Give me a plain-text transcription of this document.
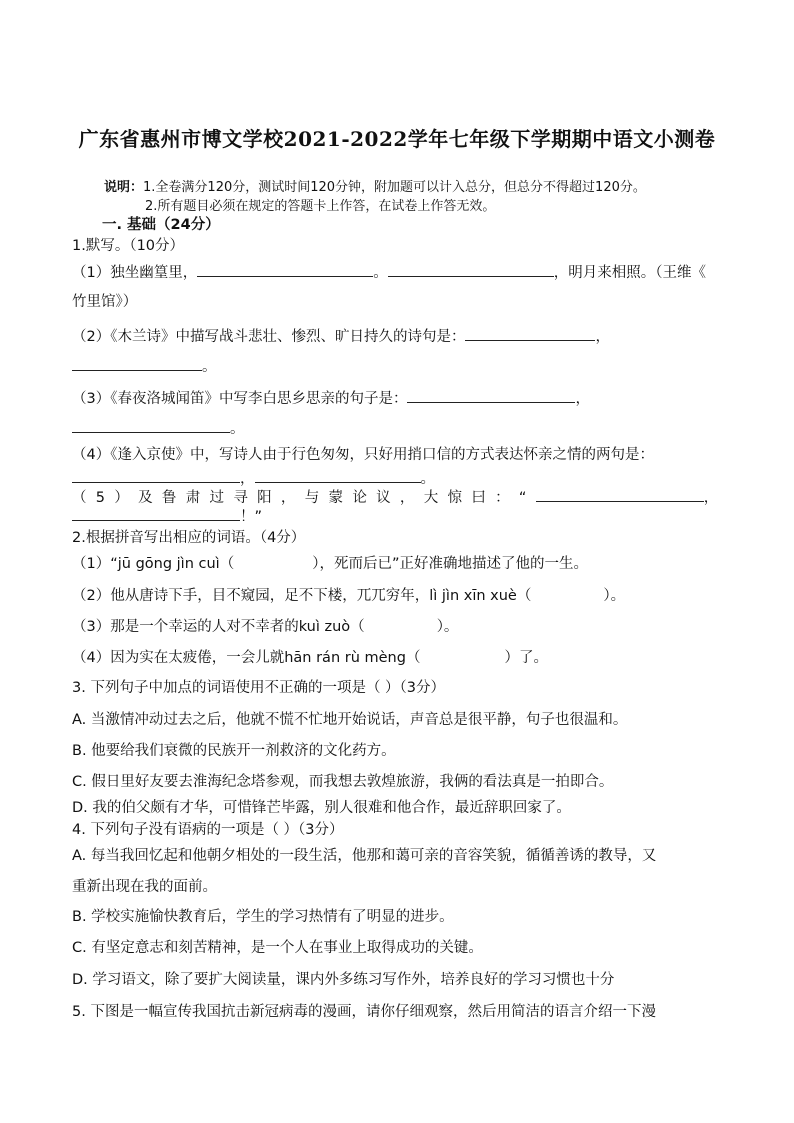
广东省惠州市博文学校2021-2022学年七年级下学期期中语文小测卷
说明：1.全卷满分120分，测试时间120分钟，附加题可以计入总分，但总分不得超过120分。
2.所有题目必须在规定的答题卡上作答，在试卷上作答无效。
一. 基础（24分）
1.默写。（10分）
（1）独坐幽篁里，	。	，明月来相照。（王维《
竹里馆》）
（2）《木兰诗》中描写战斗悲壮、惨烈、旷日持久的诗句是：	，
。
（3）《春夜洛城闻笛》中写李白思乡思亲的句子是：	，
。
（4）《逢入京使》中，写诗人由于行色匆匆，只好用捎口信的方式表达怀亲之情的两句是：
，	。
（5）及鲁肃过寻阳，与蒙论议，大惊曰：“	，
！”
2.根据拼音写出相应的词语。（4分）
（1）“jū gōng jìn cuì（	），死而后已”正好准确地描述了他的一生。
（2）他从唐诗下手，目不窥园，足不下楼，兀兀穷年，lì jìn xīn xuè（	）。
（3）那是一个幸运的人对不幸者的kuì zuò（	）。
（4）因为实在太疲倦，一会儿就hān rán rù mèng（	）了。
3. 下列句子中加点的词语使用不正确的一项是（ ）（3分）
A. 当激情冲动过去之后，他就不慌不忙地开始说话，声音总是很平静，句子也很温和。
B. 他要给我们衰微的民族开一剂救济的文化药方。
C. 假日里好友要去淮海纪念塔参观，而我想去敦煌旅游，我俩的看法真是一拍即合。
D. 我的伯父颇有才华，可惜锋芒毕露，别人很难和他合作，最近辞职回家了。
4. 下列句子没有语病的一项是（ ）（3分）
A. 每当我回忆起和他朝夕相处的一段生活，他那和蔼可亲的音容笑貌，循循善诱的教导，又
重新出现在我的面前。
B. 学校实施愉快教育后，学生的学习热情有了明显的进步。
C. 有坚定意志和刻苦精神，是一个人在事业上取得成功的关键。
D. 学习语文，除了要扩大阅读量，课内外多练习写作外，培养良好的学习习惯也十分
5. 下图是一幅宣传我国抗击新冠病毒的漫画，请你仔细观察，然后用简洁的语言介绍一下漫
